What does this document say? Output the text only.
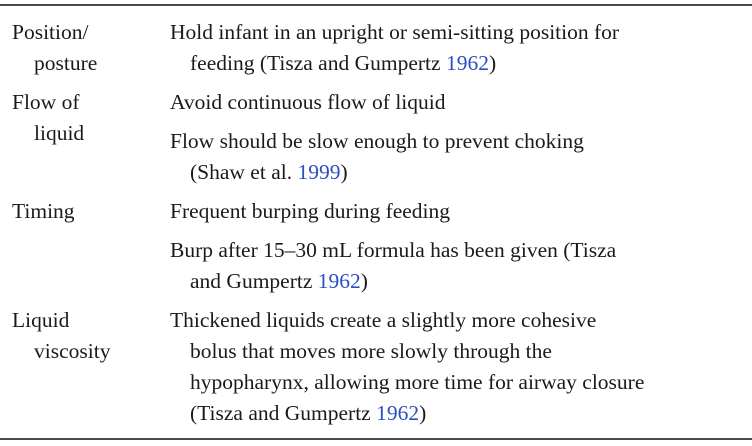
Position/
posture
Hold infant in an upright or semi-sitting position for
feeding (Tisza and Gumpertz 1962)
Flow of
liquid
Avoid continuous flow of liquid
Flow should be slow enough to prevent choking
(Shaw et al. 1999)
Timing	Frequent burping during feeding
Burp after 15–30 mL formula has been given (Tisza
and Gumpertz 1962)
Liquid
viscosity
Thickened liquids create a slightly more cohesive
bolus that moves more slowly through the
hypopharynx, allowing more time for airway closure
(Tisza and Gumpertz 1962)
